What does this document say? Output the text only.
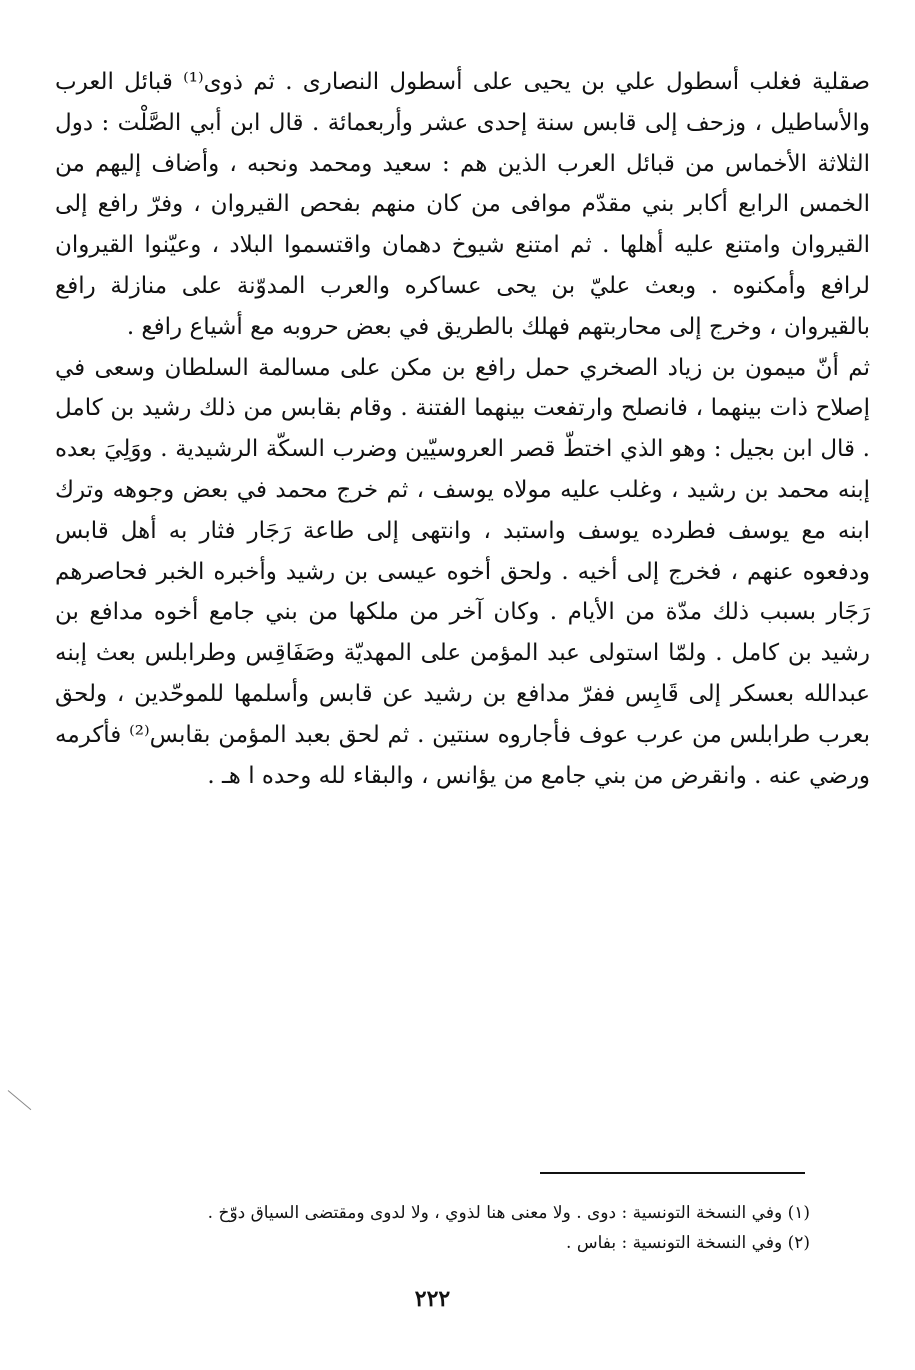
صقلية فغلب أسطول علي بن يحيى على أسطول النصارى . ثم ذوى⁽¹⁾ قبائل العرب والأساطيل ، وزحف إلى قابس سنة إحدى عشر وأربعمائة . قال ابن أبي الصَّلْت : دول الثلاثة الأخماس من قبائل العرب الذين هم : سعيد ومحمد ونحبه ، وأضاف إليهم من الخمس الرابع أكابر بني مقدّم موافى من كان منهم بفحص القيروان ، وفرّ رافع إلى القيروان وامتنع عليه أهلها . ثم امتنع شيوخ دهمان واقتسموا البلاد ، وعيّنوا القيروان لرافع وأمكنوه . وبعث عليّ بن يحى عساكره والعرب المدوّنة على منازلة رافع بالقيروان ، وخرج إلى محاربتهم فهلك بالطريق في بعض حروبه مع أشياع رافع .

ثم أنّ ميمون بن زياد الصخري حمل رافع بن مكن على مسالمة السلطان وسعى في إصلاح ذات بينهما ، فانصلح وارتفعت بينهما الفتنة . وقام بقابس من ذلك رشيد بن كامل . قال ابن بجيل : وهو الذي اختطّ قصر العروسيّين وضرب السكّة الرشيدية . ووَلِيَ بعده إبنه محمد بن رشيد ، وغلب عليه مولاه يوسف ، ثم خرج محمد في بعض وجوهه وترك ابنه مع يوسف فطرده يوسف واستبد ، وانتهى إلى طاعة رَجَار فثار به أهل قابس ودفعوه عنهم ، فخرج إلى أخيه . ولحق أخوه عيسى بن رشيد وأخبره الخبر فحاصرهم رَجَار بسبب ذلك مدّة من الأيام . وكان آخر من ملكها من بني جامع أخوه مدافع بن رشيد بن كامل . ولمّا استولى عبد المؤمن على المهديّة وصَفَاقِس وطرابلس بعث إبنه عبدالله بعسكر إلى قَابِس ففرّ مدافع بن رشيد عن قابس وأسلمها للموحّدين ، ولحق بعرب طرابلس من عرب عوف فأجاروه سنتين . ثم لحق بعبد المؤمن بقابس⁽²⁾ فأكرمه ورضي عنه . وانقرض من بني جامع من يؤانس ، والبقاء لله وحده ا هـ .

(١) وفي النسخة التونسية : دوى . ولا معنى هنا لذوي ، ولا لدوى ومقتضى السياق دوّخ .

(٢) وفي النسخة التونسية : بفاس .

٢٢٢
